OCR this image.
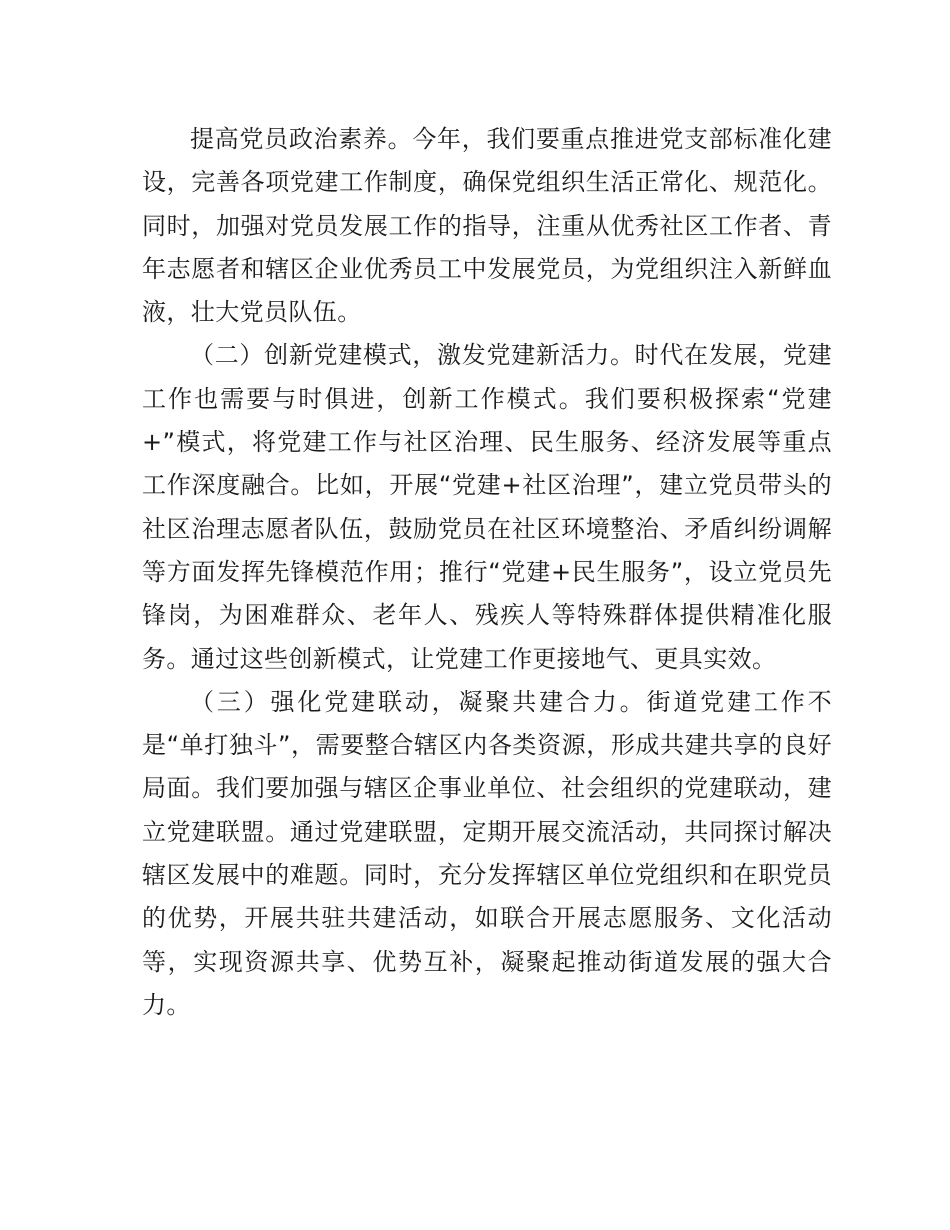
提高党员政治素养。今年，我们要重点推进党支部标准化建设，完善各项党建工作制度，确保党组织生活正常化、规范化。同时，加强对党员发展工作的指导，注重从优秀社区工作者、青年志愿者和辖区企业优秀员工中发展党员，为党组织注入新鲜血液，壮大党员队伍。

（二）创新党建模式，激发党建新活力。时代在发展，党建工作也需要与时俱进，创新工作模式。我们要积极探索“党建+”模式，将党建工作与社区治理、民生服务、经济发展等重点工作深度融合。比如，开展“党建+社区治理”，建立党员带头的社区治理志愿者队伍，鼓励党员在社区环境整治、矛盾纠纷调解等方面发挥先锋模范作用；推行“党建+民生服务”，设立党员先锋岗，为困难群众、老年人、残疾人等特殊群体提供精准化服务。通过这些创新模式，让党建工作更接地气、更具实效。

（三）强化党建联动，凝聚共建合力。街道党建工作不是“单打独斗”，需要整合辖区内各类资源，形成共建共享的良好局面。我们要加强与辖区企事业单位、社会组织的党建联动，建立党建联盟。通过党建联盟，定期开展交流活动，共同探讨解决辖区发展中的难题。同时，充分发挥辖区单位党组织和在职党员的优势，开展共驻共建活动，如联合开展志愿服务、文化活动等，实现资源共享、优势互补，凝聚起推动街道发展的强大合力。
